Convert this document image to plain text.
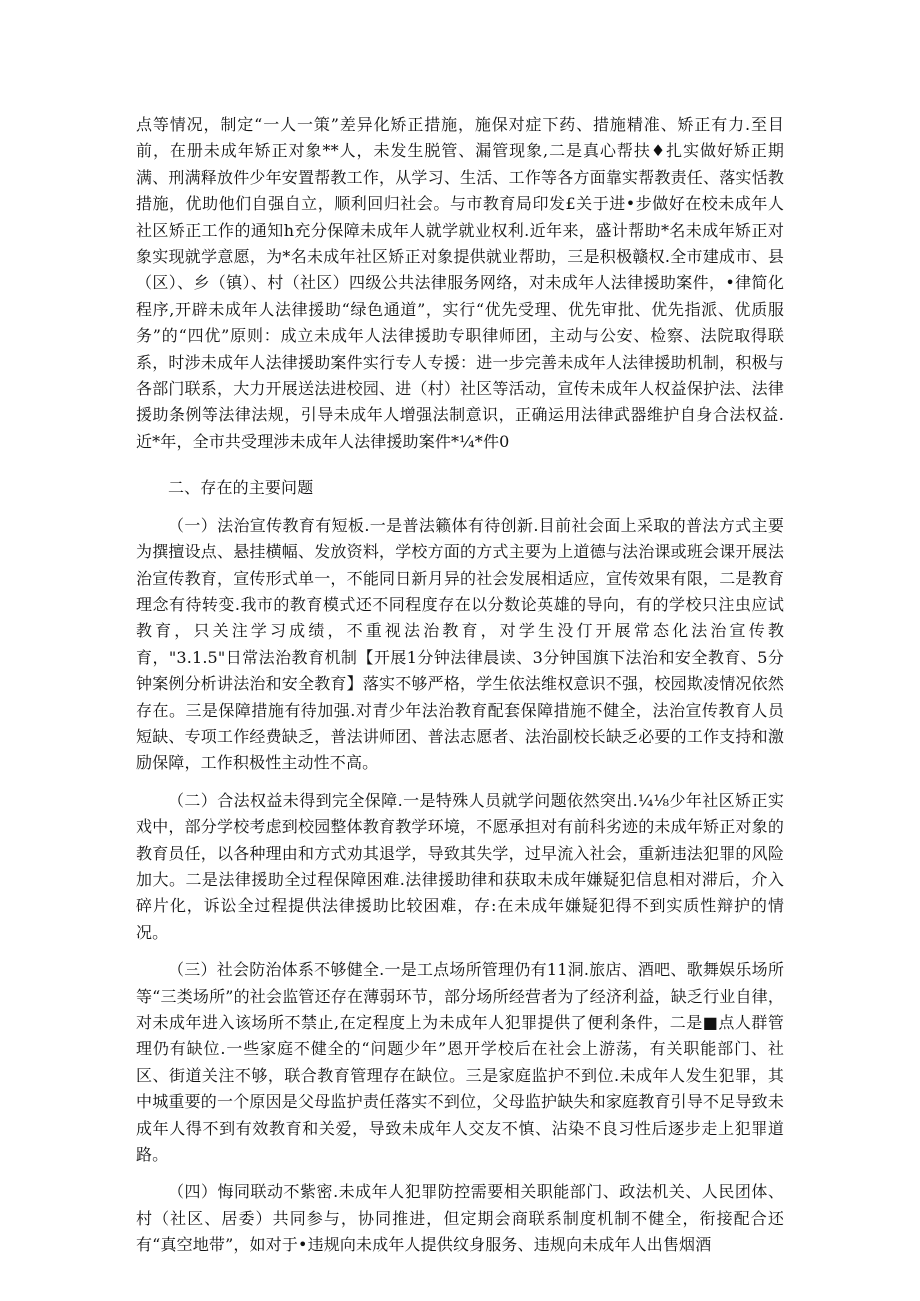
点等情况，制定“一人一策”差异化矫正措施，施保对症下药、措施精准、矫正有力.至目前，在册未成年矫正对象**人，未发生脱管、漏管现象,二是真心帮扶♦扎实做好矫正期满、刑满释放件少年安置帮教工作，从学习、生活、工作等各方面靠实帮教责任、落实恬教措施，优助他们自强自立，顺利回归社会。与市教育局印发£关于进•步做好在校未成年人社区矫正工作的通知h充分保障未成年人就学就业权利.近年来，盛计帮助*名未成年矫正对象实现就学意愿，为*名未成年社区矫正对象提供就业帮助，三是积极赣权.全市建成市、县（区）、乡（镇）、村（社区）四级公共法律服务网络，对未成年人法律援助案件，•律简化程序,开辟未成年人法律援助“绿色通道”，实行“优先受理、优先审批、优先指派、优质服务”的“四优”原则：成立未成年人法律援助专职律师团，主动与公安、检察、法院取得联系，时涉未成年人法律援助案件实行专人专援：进一步完善未成年人法律援助机制，积极与各部门联系，大力开展送法进校园、进（村）社区等活动，宣传未成年人权益保护法、法律援助条例等法律法规，引导未成年人增强法制意识，正确运用法律武器维护自身合法权益.近*年，全市共受理涉未成年人法律援助案件*¼*件0

二、存在的主要问题

（一）法治宣传教育有短板.一是普法籁体有待创新.目前社会面上采取的普法方式主要为撰擅设点、悬挂横幅、发放资料，学校方面的方式主要为上道德与法治课或班会课开展法治宣传教育，宣传形式单一，不能同日新月异的社会发展相适应，宣传效果有限，二是教育理念有待转变.我市的教育模式还不同程度存在以分数论英雄的导向，有的学校只注虫应试教育，只关注学习成绩，不重视法治教育，对学生没仃开展常态化法治宣传教育，"3.1.5"日常法治教育机制【开展1分钟法律晨读、3分钟国旗下法治和安全教育、5分钟案例分析讲法治和安全教育】落实不够严格，学生依法维权意识不强，校园欺凌情况依然存在。三是保障措施有待加强.对青少年法治教育配套保障措施不健全，法治宣传教育人员短缺、专项工作经费缺乏，普法讲师团、普法志愿者、法治副校长缺乏必要的工作支持和激励保障，工作积极性主动性不高。

（二）合法权益未得到完全保障.一是特殊人员就学问题依然突出.¼⅛少年社区矫正实戏中，部分学校考虑到校园整体教育教学环境，不愿承担对有前科劣迹的未成年矫正对象的教育员任，以各种理由和方式劝其退学，导致其失学，过早流入社会，重新违法犯罪的风险加大。二是法律援助全过程保障困难.法律援助律和获取未成年嫌疑犯信息相对滞后，介入碎片化，诉讼全过程提供法律援助比较困难，存:在未成年嫌疑犯得不到实质性辩护的情况。

（三）社会防治体系不够健全.一是工点场所管理仍有11洞.旅店、酒吧、歌舞娱乐场所等“三类场所”的社会监管还存在薄弱环节，部分场所经营者为了经济利益，缺乏行业自律，对未成年进入该场所不禁止,在定程度上为未成年人犯罪提供了便利条件，二是■点人群管理仍有缺位.一些家庭不健全的“问题少年”恩开学校后在社会上游荡，有关职能部门、社区、街道关注不够，联合教育管理存在缺位。三是家庭监护不到位.未成年人发生犯罪，其中城重要的一个原因是父母监护责任落实不到位，父母监护缺失和家庭教育引导不足导致未成年人得不到有效教育和关爱，导致未成年人交友不慎、沾染不良习性后逐步走上犯罪道路。

（四）悔同联动不紫密.未成年人犯罪防控需要相关职能部门、政法机关、人民团体、村（社区、居委）共同参与，协同推进，但定期会商联系制度机制不健全，衔接配合还有“真空地带”，如对于•违规向未成年人提供纹身服务、违规向未成年人出售烟酒
